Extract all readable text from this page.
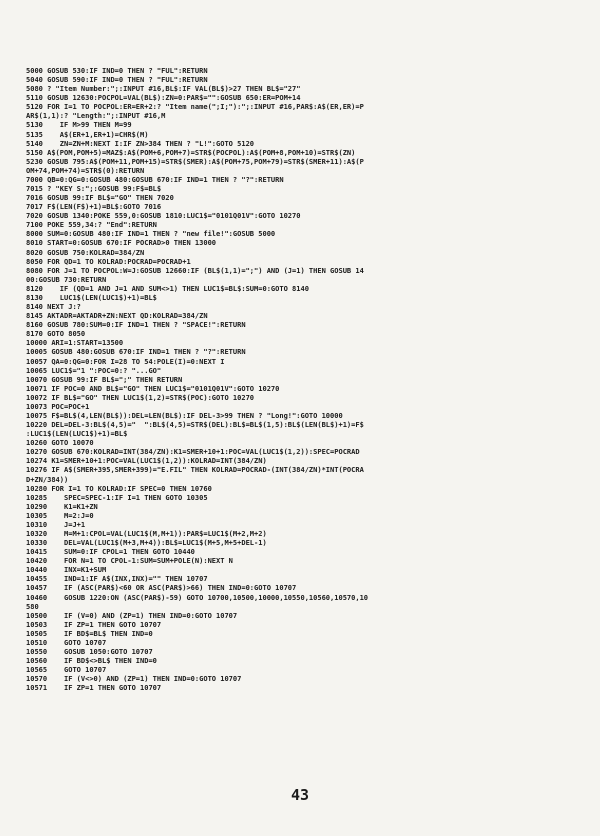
5000 GOSUB 530:IF IND=0 THEN ? "FUL":RETURN
5040 GOSUB 590:IF IND=0 THEN ? "FUL":RETURN
5080 ? "Item Number:";:INPUT #16,BL$:IF VAL(BL$)>27 THEN BL$="27"
5110 GOSUB 12630:POCPOL=VAL(BL$):ZN=0:PAR$="":GOSUB 650:ER=POM+14
5120 FOR I=1 TO POCPOL:ER=ER+2:? "Item name(";I;"):";:INPUT #16,PAR$:A$(ER,ER)=P
AR$(1,1):? "Length:";:INPUT #16,M
5130    IF M>99 THEN M=99
5135    A$(ER+1,ER+1)=CHR$(M)
5140    ZN=ZN+M:NEXT I:IF ZN>384 THEN ? "L!":GOTO 5120
5150 A$(POM,POM+5)=MAZ$:A$(POM+6,POM+7)=STR$(POCPOL):A$(POM+8,POM+10)=STR$(ZN)
5230 GOSUB 795:A$(POM+11,POM+15)=STR$(SMER):A$(POM+75,POM+79)=STR$(SMER+11):A$(P
OM+74,POM+74)=STR$(0):RETURN
7000 QB=0:QG=0:GOSUB 480:GOSUB 670:IF IND=1 THEN ? "?":RETURN
7015 ? "KEY S:";:GOSUB 99:F$=BL$
7016 GOSUB 99:IF BL$="GO" THEN 7020
7017 F$(LEN(F$)+1)=BL$:GOTO 7016
7020 GOSUB 1340:POKE 559,0:GOSUB 1810:LUC1$="0101Q01V":GOTO 10270
7100 POKE 559,34:? "End":RETURN
8000 SUM=0:GOSUB 480:IF IND=1 THEN ? "new file!":GOSUB 5000
8010 START=0:GOSUB 670:IF POCRAD>0 THEN 13000
8020 GOSUB 750:KOLRAD=384/ZN
8050 FOR QD=1 TO KOLRAD:POCRAD=POCRAD+1
8080 FOR J=1 TO POCPOL:W=J:GOSUB 12660:IF (BL$(1,1)=";") AND (J=1) THEN GOSUB 14
00:GOSUB 730:RETURN
8120    IF (QD=1 AND J=1 AND SUM<>1) THEN LUC1$=BL$:SUM=0:GOTO 8140
8130    LUC1$(LEN(LUC1$)+1)=BL$
8140 NEXT J:?
8145 AKTADR=AKTADR+ZN:NEXT QD:KOLRAD=384/ZN
8160 GOSUB 780:SUM=0:IF IND=1 THEN ? "SPACE!":RETURN
8170 GOTO 8050
10000 ARI=1:START=13500
10005 GOSUB 480:GOSUB 670:IF IND=1 THEN ? "?":RETURN
10057 QA=0:QG=0:FOR I=28 TO 54:POLE(I)=0:NEXT I
10065 LUC1$="1 ":POC=0:? "...GO"
10070 GOSUB 99:IF BL$=";" THEN RETURN
10071 IF POC=0 AND BL$="GO" THEN LUC1$="0101Q01V":GOTO 10270
10072 IF BL$="GO" THEN LUC1$(1,2)=STR$(POC):GOTO 10270
10073 POC=POC+1
10075 F$=BL$(4,LEN(BL$)):DEL=LEN(BL$):IF DEL-3>99 THEN ? "Long!":GOTO 10000
10220 DEL=DEL-3:BL$(4,5)="  ":BL$(4,5)=STR$(DEL):BL$=BL$(1,5):BL$(LEN(BL$)+1)=F$
:LUC1$(LEN(LUC1$)+1)=BL$
10260 GOTO 10070
10270 GOSUB 670:KOLRAD=INT(384/ZN):K1=SMER+10+1:POC=VAL(LUC1$(1,2)):SPEC=POCRAD
10274 K1=SMER+10+1:POC=VAL(LUC1$(1,2)):KOLRAD=INT(384/ZN)
10276 IF A$(SMER+395,SMER+399)="E.FIL" THEN KOLRAD=POCRAD-(INT(384/ZN)*INT(POCRA
D+ZN/384))
10280 FOR I=1 TO KOLRAD:IF SPEC=0 THEN 10760
10285    SPEC=SPEC-1:IF I=1 THEN GOTO 10305
10290    K1=K1+ZN
10305    M=2:J=0
10310    J=J+1
10320    M=M+1:CPOL=VAL(LUC1$(M,M+1)):PAR$=LUC1$(M+2,M+2)
10330    DEL=VAL(LUC1$(M+3,M+4)):BL$=LUC1$(M+5,M+5+DEL-1)
10415    SUM=0:IF CPOL=1 THEN GOTO 10440
10420    FOR N=1 TO CPOL-1:SUM=SUM+POLE(N):NEXT N
10440    INX=K1+SUM
10455    IND=1:IF A$(INX,INX)="" THEN 10707
10457    IF (ASC(PAR$)<60 OR ASC(PAR$)>66) THEN IND=0:GOTO 10707
10460    GOSUB 1220:ON (ASC(PAR$)-59) GOTO 10700,10500,10000,10550,10560,10570,10
580
10500    IF (V=0) AND (ZP=1) THEN IND=0:GOTO 10707
10503    IF ZP=1 THEN GOTO 10707
10505    IF BD$=BL$ THEN IND=0
10510    GOTO 10707
10550    GOSUB 1050:GOTO 10707
10560    IF BD$<>BL$ THEN IND=0
10565    GOTO 10707
10570    IF (V<>0) AND (ZP=1) THEN IND=0:GOTO 10707
10571    IF ZP=1 THEN GOTO 10707
43
